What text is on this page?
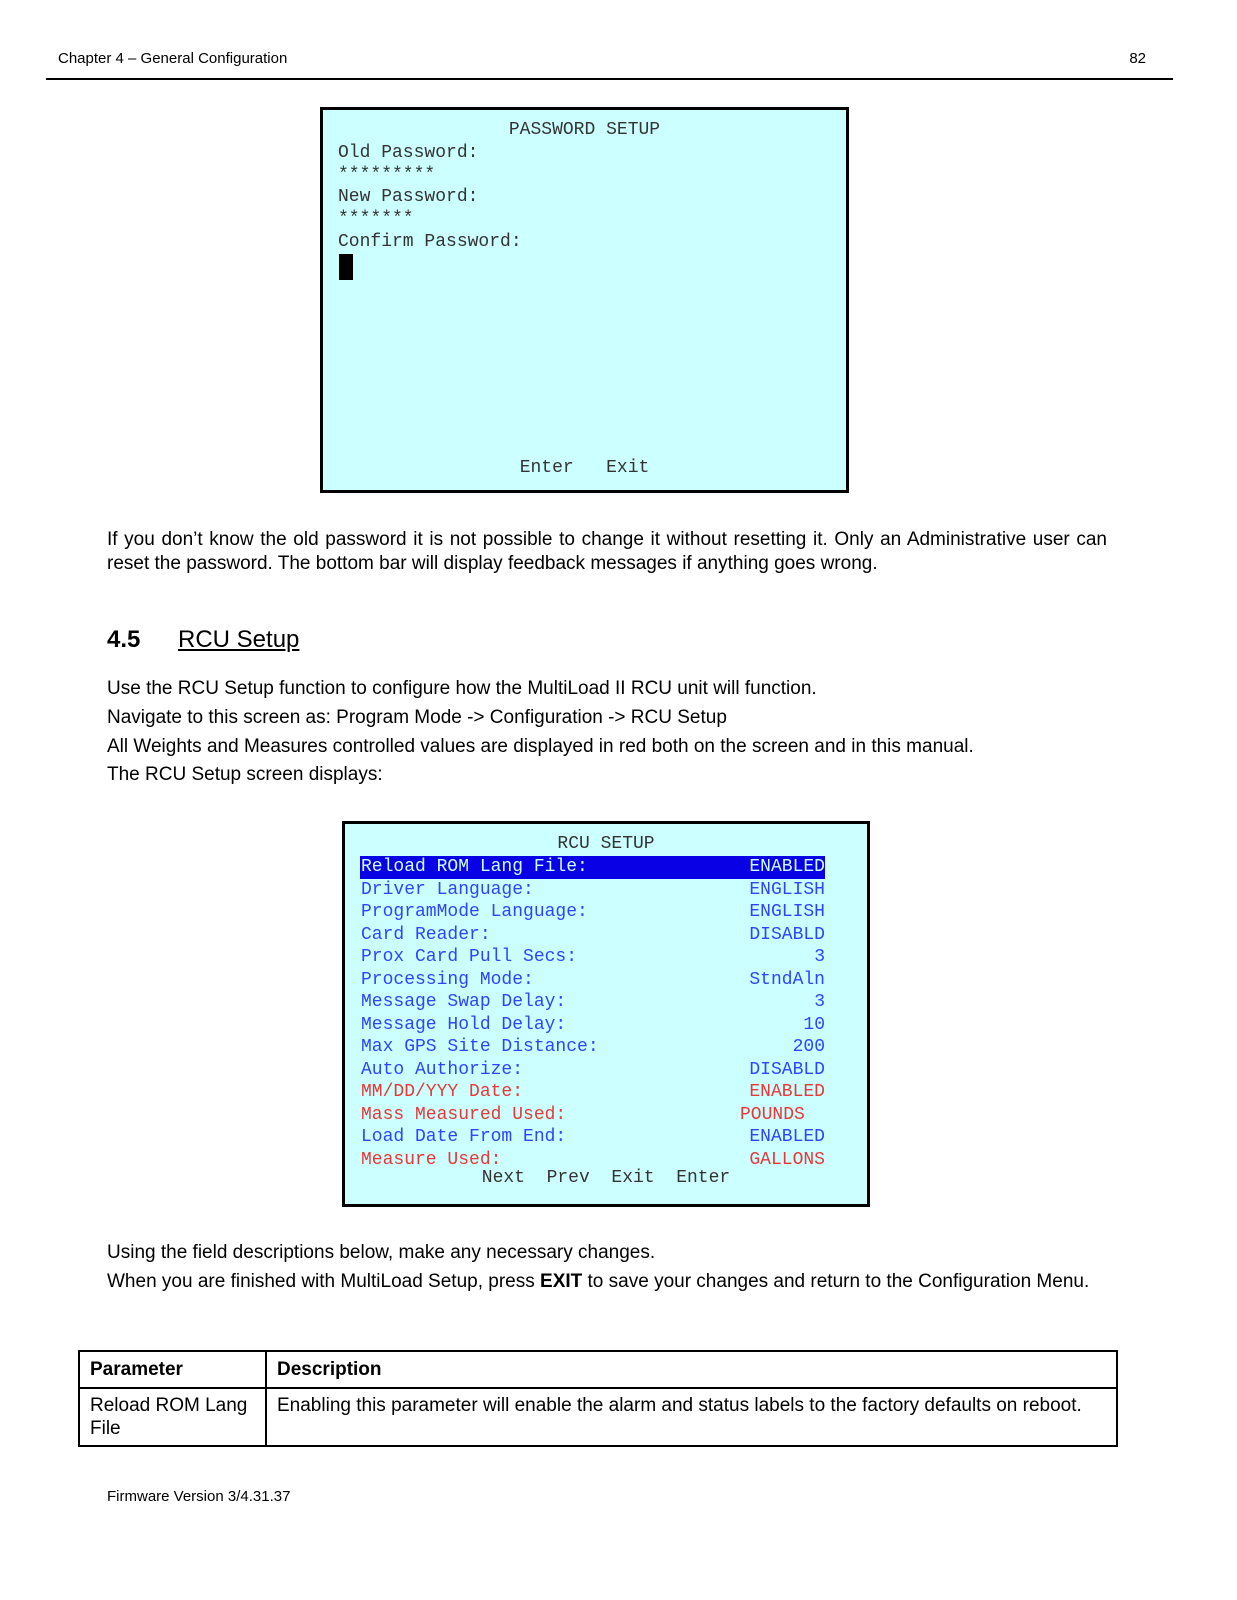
Chapter 4 – General Configuration	82
PASSWORD SETUP
Old Password:
*********
New Password:
*******
Confirm Password:
Enter   Exit
If you don’t know the old password it is not possible to change it without resetting it. Only an Administrative user can reset the password. The bottom bar will display feedback messages if anything goes wrong.
4.5 RCU Setup
Use the RCU Setup function to configure how the MultiLoad II RCU unit will function.
Navigate to this screen as: Program Mode -> Configuration -> RCU Setup
All Weights and Measures controlled values are displayed in red both on the screen and in this manual.
The RCU Setup screen displays:
RCU SETUP
Reload ROM Lang File:	ENABLED
Driver Language:	ENGLISH
ProgramMode Language:	ENGLISH
Card Reader:	DISABLD
Prox Card Pull Secs:	3
Processing Mode:	StndAln
Message Swap Delay:	3
Message Hold Delay:	10
Max GPS Site Distance:	200
Auto Authorize:	DISABLD
MM/DD/YYY Date:	ENABLED
Mass Measured Used:	POUNDS
Load Date From End:	ENABLED
Measure Used:	GALLONS
Next  Prev  Exit  Enter
Using the field descriptions below, make any necessary changes.
When you are finished with MultiLoad Setup, press EXIT to save your changes and return to the Configuration Menu.
Parameter	Description
Reload ROM Lang File	Enabling this parameter will enable the alarm and status labels to the factory defaults on reboot.
Firmware Version 3/4.31.37
